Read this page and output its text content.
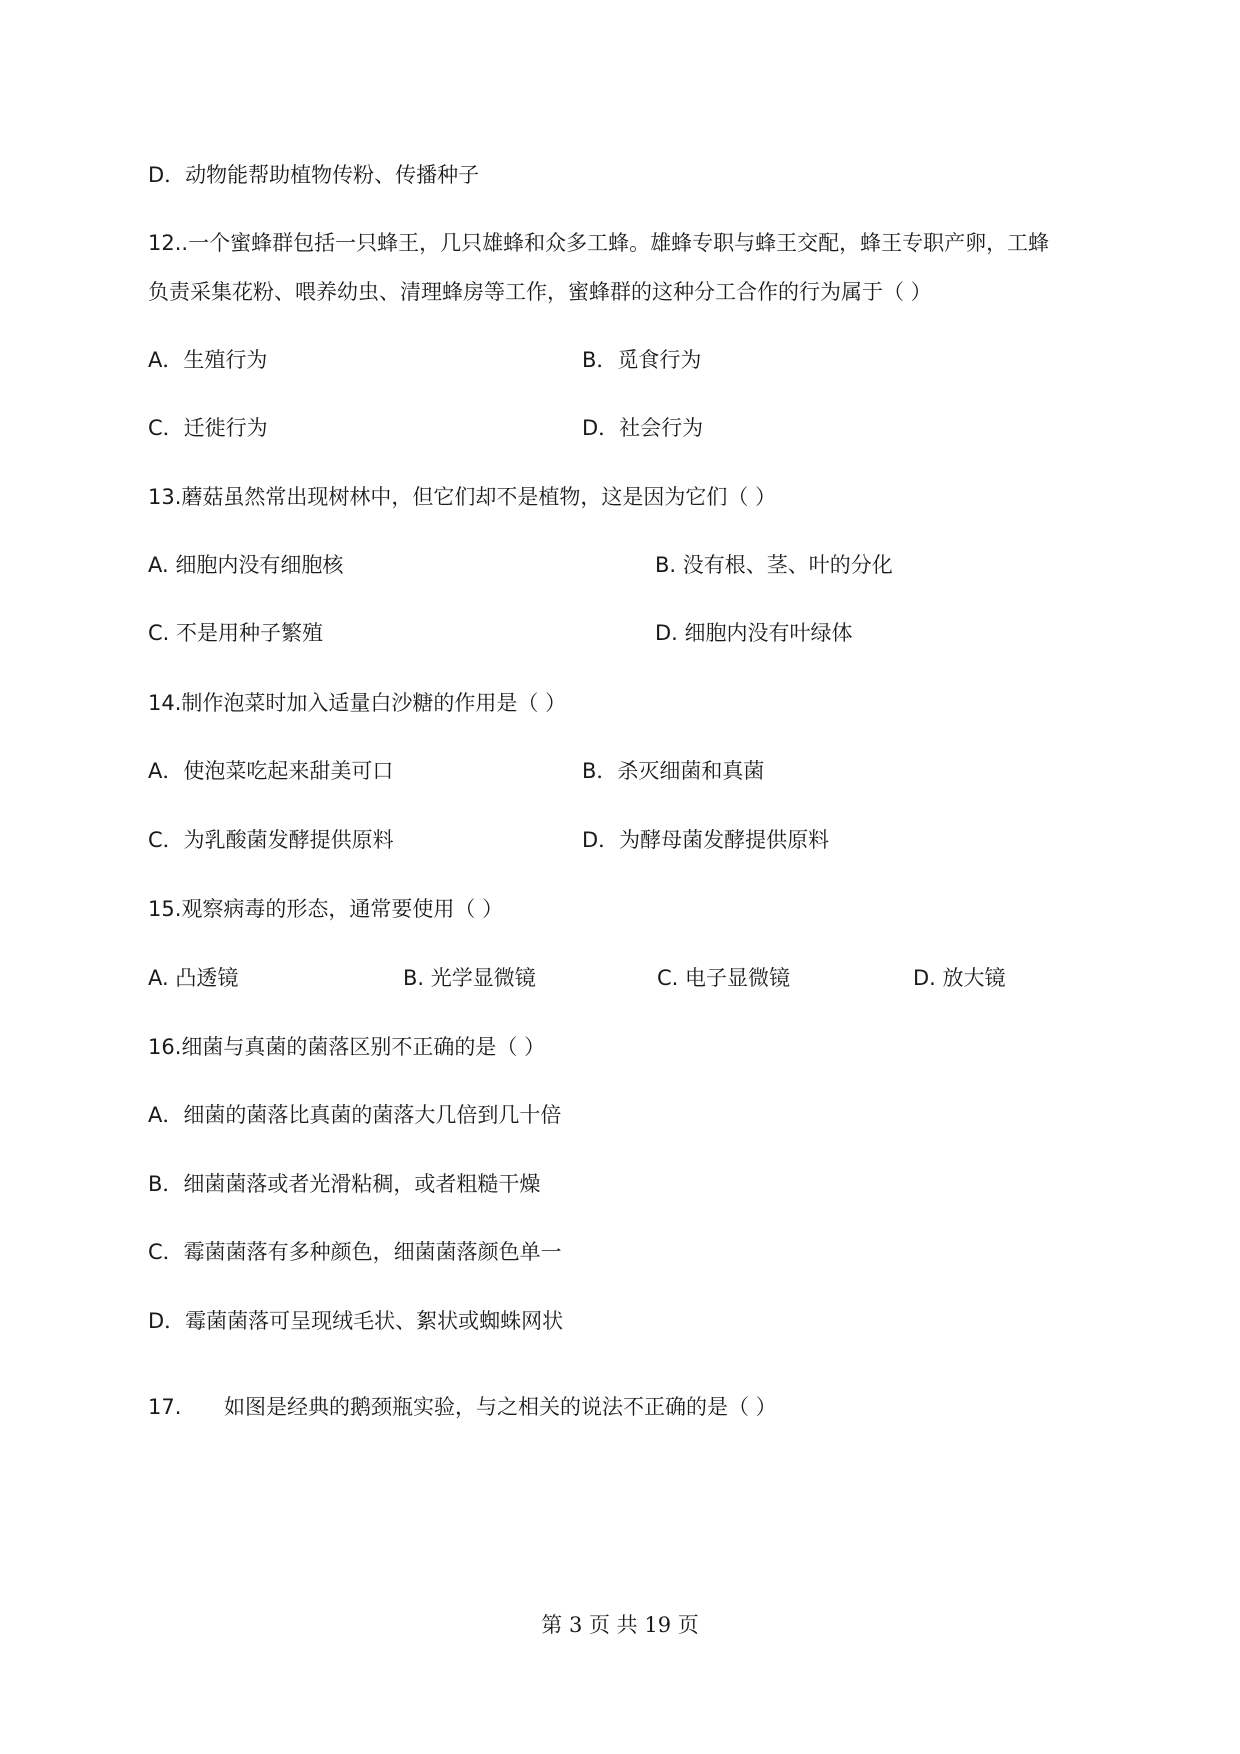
D．动物能帮助植物传粉、传播种子
12..一个蜜蜂群包括一只蜂王，几只雄蜂和众多工蜂。雄蜂专职与蜂王交配，蜂王专职产卵，工蜂
负责采集花粉、喂养幼虫、清理蜂房等工作，蜜蜂群的这种分工合作的行为属于（ ）
A．生殖行为	B．觅食行为
C．迁徙行为	D．社会行为
13.蘑菇虽然常出现树林中，但它们却不是植物，这是因为它们（ ）
A. 细胞内没有细胞核	B. 没有根、茎、叶的分化
C. 不是用种子繁殖	D. 细胞内没有叶绿体
14.制作泡菜时加入适量白沙糖的作用是（ ）
A．使泡菜吃起来甜美可口	B．杀灭细菌和真菌
C．为乳酸菌发酵提供原料	D．为酵母菌发酵提供原料
15.观察病毒的形态，通常要使用（ ）
A. 凸透镜	B. 光学显微镜	C. 电子显微镜	D. 放大镜
16.细菌与真菌的菌落区别不正确的是（ ）
A．细菌的菌落比真菌的菌落大几倍到几十倍
B．细菌菌落或者光滑粘稠，或者粗糙干燥
C．霉菌菌落有多种颜色，细菌菌落颜色单一
D．霉菌菌落可呈现绒毛状、絮状或蜘蛛网状
17. 如图是经典的鹅颈瓶实验，与之相关的说法不正确的是（ ）
第 3 页 共 19 页
